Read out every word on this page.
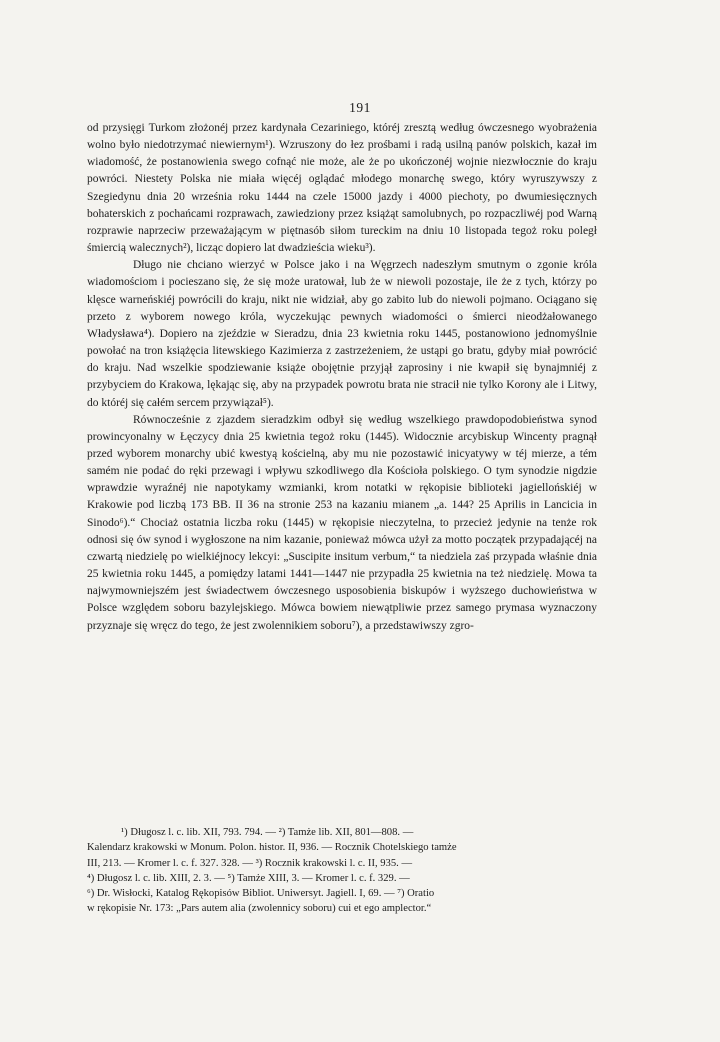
191

od przysięgi Turkom złożonéj przez kardynała Cezariniego, któréj zresztą według ówczesnego wyobrażenia wolno było niedotrzymać niewiernym¹). Wzruszony do łez prośbami i radą usilną panów polskich, kazał im wiadomość, że postanowienia swego cofnąć nie może, ale że po ukończonéj wojnie niezwłocznie do kraju powróci. Niestety Polska nie miała więcéj oglądać młodego monarchę swego, który wyruszywszy z Szegiedynu dnia 20 września roku 1444 na czele 15000 jazdy i 4000 piechoty, po dwumiesięcznych bohaterskich z pochańcami rozprawach, zawiedziony przez książąt samolubnych, po rozpaczliwéj pod Warną rozprawie naprzeciw przeważającym w piętnasób siłom tureckim na dniu 10 listopada tegoż roku poległ śmiercią walecznych²), licząc dopiero lat dwadzieścia wieku³).

Długo nie chciano wierzyć w Polsce jako i na Węgrzech nadeszłym smutnym o zgonie króla wiadomościom i pocieszano się, że się może uratował, lub że w niewoli pozostaje, ile że z tych, którzy po klęsce warneńskiéj powrócili do kraju, nikt nie widział, aby go zabito lub do niewoli pojmano. Ociągano się przeto z wyborem nowego króla, wyczekując pewnych wiadomości o śmierci nieodżałowanego Władysława⁴). Dopiero na zjeździe w Sieradzu, dnia 23 kwietnia roku 1445, postanowiono jednomyślnie powołać na tron książęcia litewskiego Kazimierza z zastrzeżeniem, że ustąpi go bratu, gdyby miał powrócić do kraju. Nad wszelkie spodziewanie książe obojętnie przyjął zaprosiny i nie kwapił się bynajmniéj z przybyciem do Krakowa, lękając się, aby na przypadek powrotu brata nie stracił nie tylko Korony ale i Litwy, do któréj się całém sercem przywiązał⁵).

Równocześnie z zjazdem sieradzkim odbył się według wszelkiego prawdopodobieństwa synod prowincyonalny w Łęczycy dnia 25 kwietnia tegoż roku (1445). Widocznie arcybiskup Wincenty pragnął przed wyborem monarchy ubić kwestyą kościelną, aby mu nie pozostawić inicyatywy w téj mierze, a tém samém nie podać do ręki przewagi i wpływu szkodliwego dla Kościoła polskiego. O tym synodzie nigdzie wprawdzie wyraźnéj nie napotykamy wzmianki, krom notatki w rękopisie biblioteki jagiellońskiéj w Krakowie pod liczbą 173 BB. II 36 na stronie 253 na kazaniu mianem „a. 144? 25 Aprilis in Lancicia in Sinodo⁶).“ Chociaż ostatnia liczba roku (1445) w rękopisie nieczytelna, to przecież jedynie na tenże rok odnosi się ów synod i wygłoszone na nim kazanie, ponieważ mówca użył za motto początek przypadającéj na czwartą niedzielę po wielkiéjnocy lekcyi: „Suscipite insitum verbum,“ ta niedziela zaś przypada właśnie dnia 25 kwietnia roku 1445, a pomiędzy latami 1441—1447 nie przypadła 25 kwietnia na też niedzielę. Mowa ta najwymowniejszém jest świadectwem ówczesnego usposobienia biskupów i wyższego duchowieństwa w Polsce względem soboru bazylejskiego. Mówca bowiem niewątpliwie przez samego prymasa wyznaczony przyznaje się wręcz do tego, że jest zwolennikiem soboru⁷), a przedstawiwszy zgro-

¹) Długosz l. c. lib. XII, 793. 794. — ²) Tamże lib. XII, 801—808. —
Kalendarz krakowski w Monum. Polon. histor. II, 936. — Rocznik Chotelskiego tamże
III, 213. — Kromer l. c. f. 327. 328. — ³) Rocznik krakowski l. c. II, 935. —
⁴) Długosz l. c. lib. XIII, 2. 3. — ⁵) Tamże XIII, 3. — Kromer l. c. f. 329. —
⁶) Dr. Wisłocki, Katalog Rękopisów Bibliot. Uniwersyt. Jagiell. I, 69. — ⁷) Oratio
w rękopisie Nr. 173: „Pars autem alia (zwolennicy soboru) cui et ego amplector.“
